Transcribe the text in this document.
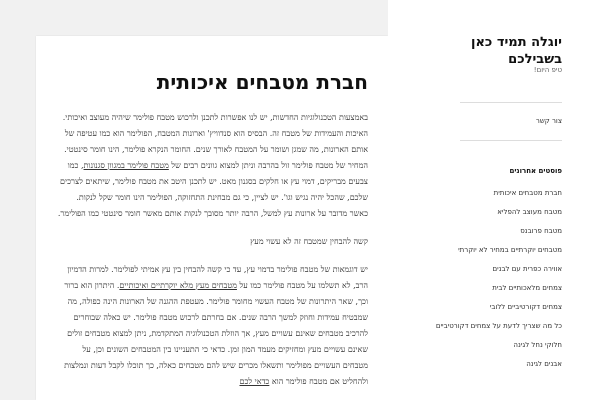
חברת מטבחים איכותית

באמצעות הטכנולוגיות החדשות, יש לנו אפשרות לתכנן ולרכוש מטבח פולימר שיהיה מעוצב ואיכותי. האיכות והעמידות של מטבח זה. הבסיס הוא סנדוויץ' וארונות המטבח, הפולימר הוא כמו עטיפה של אותם הארונות, מה שמגן ושומר על המטבח לאורך שנים. החומר הנקרא פולימר, הינו חומר סינטטי. המחיר של מטבח פולימר זול בהרבה וניתן למצוא גוונים רבים של מטבח פולימר במגוון סגנונות, כמו צבעים מבריקים, דמוי עץ או חלקים בסגנון מאט. יש לתכנן היטב את מטבח פולימר, שיתאים לצרכים שלכם, שהכל יהיה נגיש וגו'. יש לציין, כי גם מבחינת התחזוקה, הפולימר הינו חומר שקל לנקות. כאשר מדובר על ארונות עץ למשל, הרבה יותר מסובך לנקות אותם מאשר חומר סינטטי כמו הפולימר.

קשה להבחין שמטבח זה לא עשוי מעץ

יש דוגמאות של מטבח פולימר בדמוי עץ, עד כי קשה להבחין בין עץ אמיתי לפולימר. למרות הדמיון הרב, לא תשלמו על מטבח פולימר כמו על מטבחים מעץ מלא יוקרתיים ואיכותיים. היתרון הוא ברור וכך, שאר היתרונות של מטבח העשוי מחומר פולימר. מעטפת ההגנה של הארונות הינה כפולה, מה שמבטיח עמידות וחוזק למשך הרבה שנים. אם בחרתם לרכוש מטבח פולימר. יש כאלה שבוחרים להרכיב מטבחים שאינם עשויים מעץ, אך הוזלת הטכנולוגיה המתקדמת, ניתן למצוא מטבחים זולים שאינם עשויים מעץ ומחזיקים מעמד המון זמן. כדאי כי התעניינו בין המטבחים השונים וכן, על מטבחים העשויים מפולימר ותשאלו מכרים שיש להם מטבחים כאלה, כך תוכלו לקבל דעות ונמלצות ולהחליט אם מטבח פולימר הוא כדאי לכם

יוגלה תמיד כאן בשבילכם
טיפ היום!
צור קשר
פוסטים אחרונים
חברת מטבחים איכותית
מטבח מעוצב להפליא
מטבח פרובנס
מטבחים יוקרתיים במחיר לא יוקרתי
אווירה כפרית עם לבנים
צמחים מלאכותיים לבית
צמחים דקורטיביים ללובי
כל מה שצריך לדעת על צמחים דקורטיביים
חלוקי נחל לגינה
אבנים לגינה
